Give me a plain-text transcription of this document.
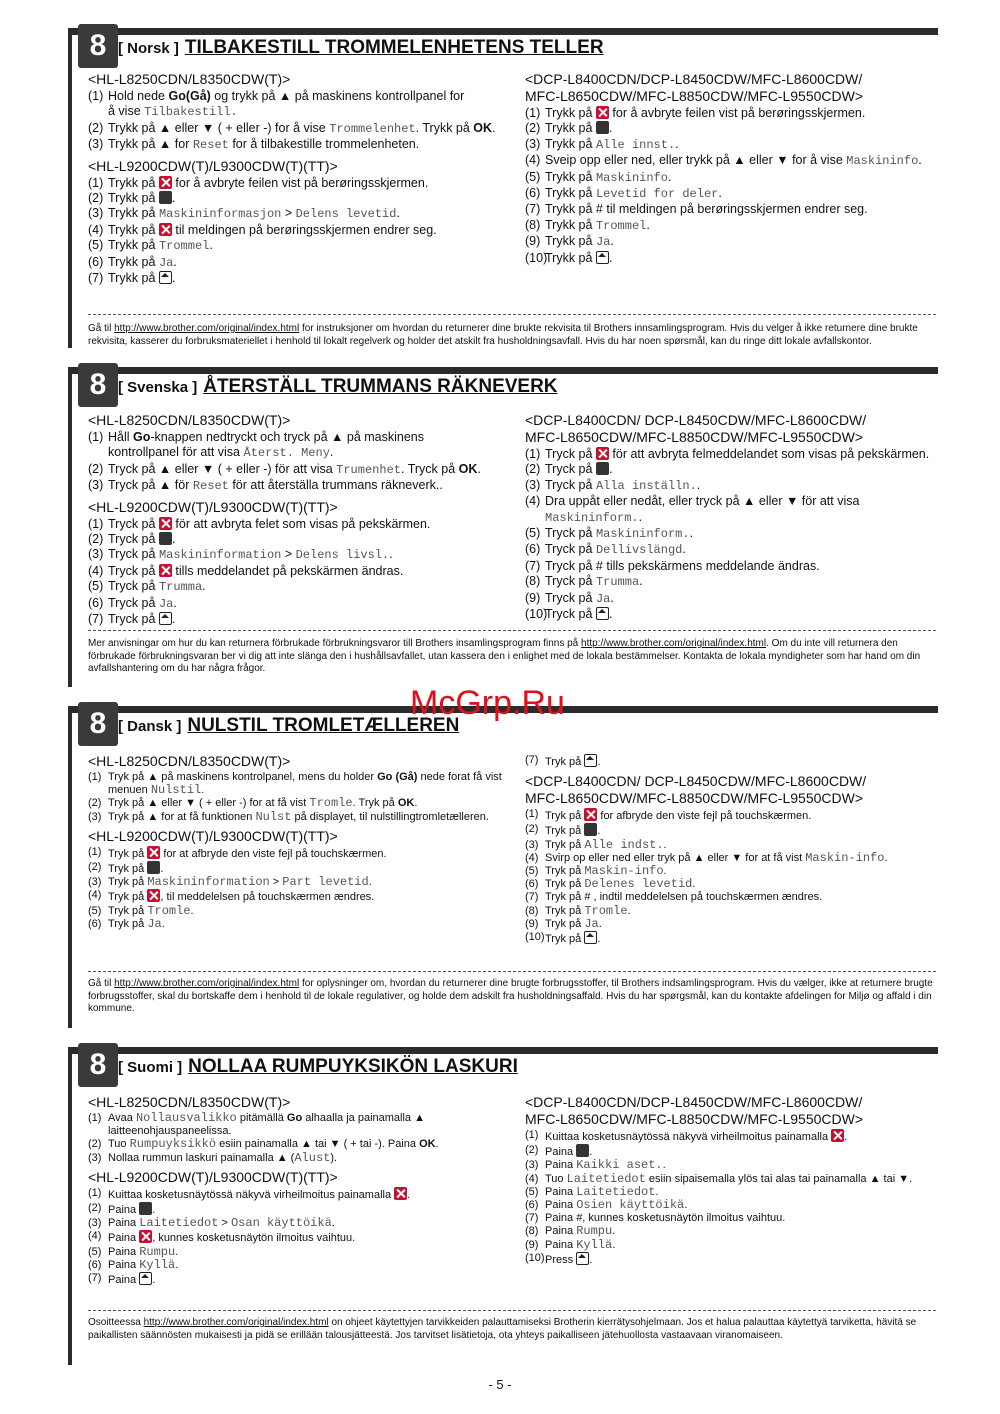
8 [ Norsk ] TILBAKESTILL TROMMELENHETENS TELLER
<HL-L8250CDN/L8350CDW(T)>
(1) Hold nede Go(Gå) og trykk på ▲ på maskinens kontrollpanel for
å vise Tilbakestill.
(2) Trykk på ▲ eller ▼ ( + eller -) for å vise Trommelenhet. Trykk på OK.
(3) Trykk på ▲ for Reset for å tilbakestille trommelenheten.
<HL-L9200CDW(T)/L9300CDW(T)(TT)>
(1) Trykk på  for å avbryte feilen vist på berøringsskjermen.
(2) Trykk på .
(3) Trykk på Maskininformasjon > Delens levetid.
(4) Trykk på  til meldingen på berøringsskjermen endrer seg.
(5) Trykk på Trommel.
(6) Trykk på Ja.
(7) Trykk på .
<DCP-L8400CDN/DCP-L8450CDW/MFC-L8600CDW/
MFC-L8650CDW/MFC-L8850CDW/MFC-L9550CDW>
(1) Trykk på  for å avbryte feilen vist på berøringsskjermen.
(2) Trykk på .
(3) Trykk på Alle innst..
(4) Sveip opp eller ned, eller trykk på ▲ eller ▼ for å vise Maskininfo.
(5) Trykk på Maskininfo.
(6) Trykk på Levetid for deler.
(7) Trykk på # til meldingen på berøringsskjermen endrer seg.
(8) Trykk på Trommel.
(9) Trykk på Ja.
(10)
Trykk på .
Gå til http://www.brother.com/original/index.html for instruksjoner om hvordan du returnerer dine brukte rekvisita til Brothers innsamlingsprogram. Hvis du velger å ikke returnere dine brukte rekvisita, kasserer du forbruksmateriellet i henhold til lokalt regelverk og holder det atskilt fra husholdningsavfall. Hvis du har noen spørsmål, kan du ringe ditt lokale avfallskontor.
8 [ Svenska ] ÅTERSTÄLL TRUMMANS RÄKNEVERK
<HL-L8250CDN/L8350CDW(T)>
(1) Håll Go-knappen nedtryckt och tryck på ▲ på maskinens
kontrollpanel för att visa Återst. Meny.
(2) Tryck på ▲ eller ▼ ( + eller -) för att visa Trumenhet. Tryck på OK.
(3) Tryck på ▲ för Reset för att återställa trummans räkneverk..
<HL-L9200CDW(T)/L9300CDW(T)(TT)>
(1) Tryck på  för att avbryta felet som visas på pekskärmen.
(2) Tryck på .
(3) Tryck på Maskininformation > Delens livsl..
(4) Tryck på  tills meddelandet på pekskärmen ändras.
(5) Tryck på Trumma.
(6) Tryck på Ja.
(7) Tryck på .
<DCP-L8400CDN/ DCP-L8450CDW/MFC-L8600CDW/
MFC-L8650CDW/MFC-L8850CDW/MFC-L9550CDW>
(1) Tryck på  för att avbryta felmeddelandet som visas på pekskärmen.
(2) Tryck på .
(3) Tryck på Alla inställn..
(4) Dra uppåt eller nedåt, eller tryck på ▲ eller ▼ för att visa
Maskininform..
(5) Tryck på Maskininform..
(6) Tryck på Dellivslängd.
(7) Tryck på # tills pekskärmens meddelande ändras.
(8) Tryck på Trumma.
(9) Tryck på Ja.
(10)
Tryck på .
Mer anvisningar om hur du kan returnera förbrukade förbrukningsvaror till Brothers insamlingsprogram finns på http://www.brother.com/original/index.html. Om du inte vill returnera den förbrukade förbrukningsvaran ber vi dig att inte slänga den i hushållsavfallet, utan kassera den i enlighet med de lokala bestämmelser. Kontakta de lokala myndigheter som har hand om din avfallshantering om du har några frågor.
8 [ Dansk ] NULSTIL TROMLETÆLLEREN
<HL-L8250CDN/L8350CDW(T)>
(1) Tryk på ▲ på maskinens kontrolpanel, mens du holder Go (Gå) nede forat få vist menuen Nulstil.
(2) Tryk på ▲ eller ▼ ( + eller -) for at få vist Tromle. Tryk på OK.
(3) Tryk på ▲ for at få funktionen Nulst på displayet, til nulstillingtromletælleren.
<HL-L9200CDW(T)/L9300CDW(T)(TT)>
(1) Tryk på  for at afbryde den viste fejl på touchskærmen.
(2) Tryk på .
(3) Tryk på Maskininformation > Part levetid.
(4) Tryk på , til meddelelsen på touchskærmen ændres.
(5) Tryk på Tromle.
(6) Tryk på Ja.
(7) Tryk på .
<DCP-L8400CDN/ DCP-L8450CDW/MFC-L8600CDW/
MFC-L8650CDW/MFC-L8850CDW/MFC-L9550CDW>
(1) Tryk på  for afbryde den viste fejl på touchskærmen.
(2) Tryk på .
(3) Tryk på Alle indst..
(4) Svirp op eller ned eller tryk på ▲ eller ▼ for at få vist Maskin-info.
(5) Tryk på Maskin-info.
(6) Tryk på Delenes levetid.
(7) Tryk på # , indtil meddelelsen på touchskærmen ændres.
(8) Tryk på Tromle.
(9) Tryk på Ja.
(10) Tryk på .
Gå til http://www.brother.com/original/index.html for oplysninger om, hvordan du returnerer dine brugte forbrugsstoffer, til Brothers indsamlingsprogram. Hvis du vælger, ikke at returnere brugte forbrugsstoffer, skal du bortskaffe dem i henhold til de lokale regulativer, og holde dem adskilt fra husholdningsaffald. Hvis du har spørgsmål, kan du kontakte afdelingen for Miljø og affald i din kommune.
8 [ Suomi ] NOLLAA RUMPUYKSIKÖN LASKURI
<HL-L8250CDN/L8350CDW(T)>
(1) Avaa Nollausvalikko pitämällä Go alhaalla ja painamalla ▲ laitteenohjauspaneelissa.
(2) Tuo Rumpuyksikkö esiin painamalla ▲ tai ▼ ( + tai -). Paina OK.
(3) Nollaa rummun laskuri painamalla ▲ (Alust).
<HL-L9200CDW(T)/L9300CDW(T)(TT)>
(1) Kuittaa kosketusnäytössä näkyvä virheilmoitus painamalla .
(2) Paina .
(3) Paina Laitetiedot > Osan käyttöikä.
(4) Paina , kunnes kosketusnäytön ilmoitus vaihtuu.
(5) Paina Rumpu.
(6) Paina Kyllä.
(7) Paina .
<DCP-L8400CDN/DCP-L8450CDW/MFC-L8600CDW/
MFC-L8650CDW/MFC-L8850CDW/MFC-L9550CDW>
(1) Kuittaa kosketusnäytössä näkyvä virheilmoitus painamalla .
(2) Paina .
(3) Paina Kaikki aset..
(4) Tuo Laitetiedot esiin sipaisemalla ylös tai alas tai painamalla ▲ tai ▼.
(5) Paina Laitetiedot.
(6) Paina Osien käyttöikä.
(7) Paina #, kunnes kosketusnäytön ilmoitus vaihtuu.
(8) Paina Rumpu.
(9) Paina Kyllä.
(10) Press .
Osoitteessa http://www.brother.com/original/index.html on ohjeet käytettyjen tarvikkeiden palauttamiseksi Brotherin kierrätysohjelmaan. Jos et halua palauttaa käytettyä tarviketta, hävitä se paikallisten säännösten mukaisesti ja pidä se erillään talousjätteestä. Jos tarvitset lisätietoja, ota yhteys paikalliseen jätehuollosta vastaavaan viranomaiseen.
McGrp.Ru
- 5 -
